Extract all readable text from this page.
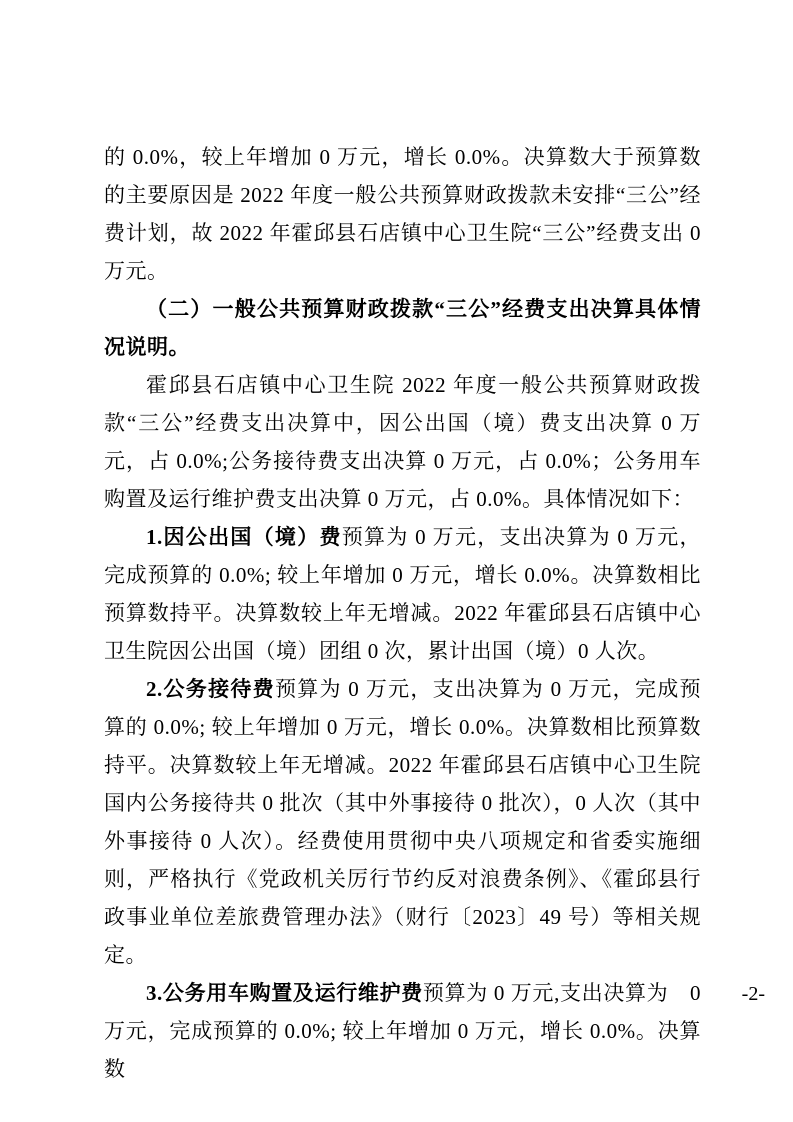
的 0.0%，较上年增加 0 万元，增长 0.0%。决算数大于预算数的主要原因是 2022 年度一般公共预算财政拨款未安排“三公”经费计划，故 2022 年霍邱县石店镇中心卫生院“三公”经费支出 0 万元。

（二）一般公共预算财政拨款“三公”经费支出决算具体情况说明。

霍邱县石店镇中心卫生院 2022 年度一般公共预算财政拨款“三公”经费支出决算中，因公出国（境）费支出决算 0 万元，占 0.0%;公务接待费支出决算 0 万元，占 0.0%；公务用车购置及运行维护费支出决算 0 万元，占 0.0%。具体情况如下：

1.因公出国（境）费预算为 0 万元，支出决算为 0 万元，完成预算的 0.0%; 较上年增加 0 万元，增长 0.0%。决算数相比预算数持平。决算数较上年无增减。2022 年霍邱县石店镇中心卫生院因公出国（境）团组 0 次，累计出国（境）0 人次。

2.公务接待费预算为 0 万元，支出决算为 0 万元，完成预算的 0.0%; 较上年增加 0 万元，增长 0.0%。决算数相比预算数持平。决算数较上年无增减。2022 年霍邱县石店镇中心卫生院国内公务接待共 0 批次（其中外事接待 0 批次），0 人次（其中外事接待 0 人次）。经费使用贯彻中央八项规定和省委实施细则，严格执行《党政机关厉行节约反对浪费条例》、《霍邱县行政事业单位差旅费管理办法》（财行〔2023〕49 号）等相关规定。

3.公务用车购置及运行维护费预算为 0 万元,支出决算为　0 万元，完成预算的 0.0%; 较上年增加 0 万元，增长 0.0%。决算数

-2-
